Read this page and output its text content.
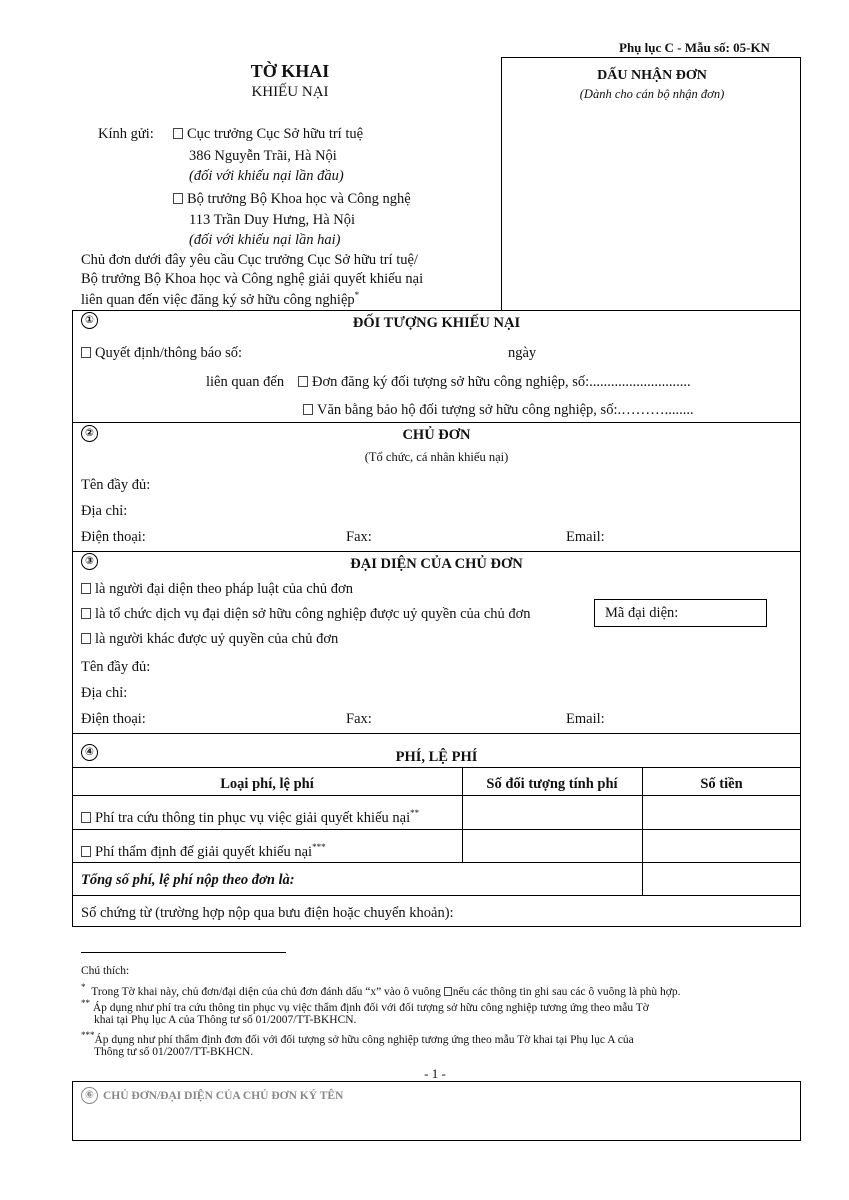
Phụ lục C - Mẫu số: 05-KN
TỜ KHAI
KHIẾU NẠI
DẤU NHẬN ĐƠN
(Dành cho cán bộ nhận đơn)
Kính gửi:	Cục trưởng Cục Sở hữu trí tuệ
386 Nguyễn Trãi, Hà Nội
(đối với khiếu nại lần đầu)
Bộ trưởng Bộ Khoa học và Công nghệ
113 Trần Duy Hưng, Hà Nội
(đối với khiếu nại lần hai)
Chủ đơn dưới đây yêu cầu Cục trưởng Cục Sở hữu trí tuệ/
Bộ trưởng Bộ Khoa học và Công nghệ giải quyết khiếu nại
liên quan đến việc đăng ký sở hữu công nghiệp*
①	ĐỐI TƯỢNG KHIẾU NẠI
Quyết định/thông báo số:	ngày
liên quan đến	Đơn đăng ký đối tượng sở hữu công nghiệp, số:............................
Văn bằng bảo hộ đối tượng sở hữu công nghiệp, số:.………........
②	CHỦ ĐƠN
(Tổ chức, cá nhân khiếu nại)
Tên đầy đủ:
Địa chỉ:
Điện thoại:	Fax:	Email:
③	ĐẠI DIỆN CỦA CHỦ ĐƠN
là người đại diện theo pháp luật của chủ đơn
là tổ chức dịch vụ đại diện sở hữu công nghiệp được uỷ quyền của chủ đơn	Mã đại diện:
là người khác được uỷ quyền của chủ đơn
Tên đầy đủ:
Địa chỉ:
Điện thoại:	Fax:	Email:
④	PHÍ, LỆ PHÍ
Loại phí, lệ phí	Số đối tượng tính phí	Số tiền
Phí tra cứu thông tin phục vụ việc giải quyết khiếu nại**
Phí thẩm định để giải quyết khiếu nại***
Tổng số phí, lệ phí nộp theo đơn là:
Số chứng từ (trường hợp nộp qua bưu điện hoặc chuyển khoản):
Chú thích:
* Trong Tờ khai này, chủ đơn/đại diện của chủ đơn đánh dấu “x” vào ô vuông nếu các thông tin ghi sau các ô vuông là phù hợp.
** Áp dụng như phí tra cứu thông tin phục vụ việc thẩm định đối với đối tượng sở hữu công nghiệp tương ứng theo mẫu Tờ
khai tại Phụ lục A của Thông tư số 01/2007/TT-BKHCN.
***Áp dụng như phí thẩm định đơn đối với đối tượng sở hữu công nghiệp tương ứng theo mẫu Tờ khai tại Phụ lục A của
Thông tư số 01/2007/TT-BKHCN.
- 1 -
⑥ CHỦ ĐƠN/ĐẠI DIỆN CỦA CHỦ ĐƠN KÝ TÊN
